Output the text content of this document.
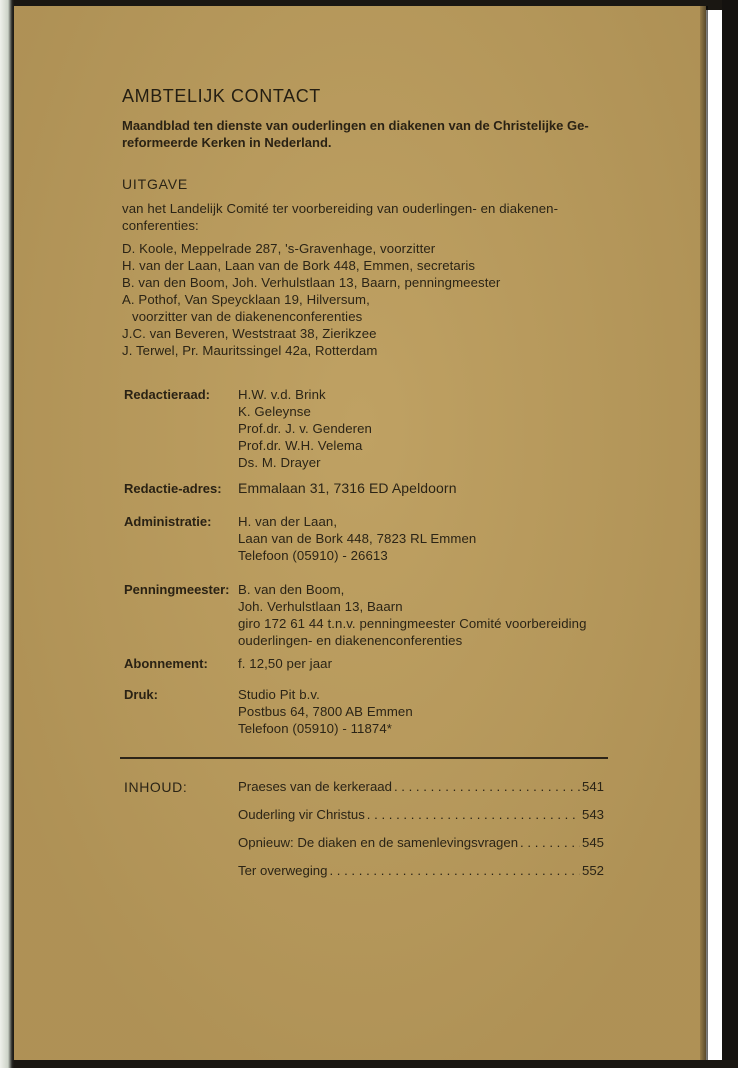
AMBTELIJK CONTACT
Maandblad ten dienste van ouderlingen en diakenen van de Christelijke Ge-
reformeerde Kerken in Nederland.
UITGAVE
van het Landelijk Comité ter voorbereiding van ouderlingen- en diakenen-
conferenties:
D. Koole, Meppelrade 287, 's-Gravenhage, voorzitter
H. van der Laan, Laan van de Bork 448, Emmen, secretaris
B. van den Boom, Joh. Verhulstlaan 13, Baarn, penningmeester
A. Pothof, Van Speycklaan 19, Hilversum,
voorzitter van de diakenenconferenties
J.C. van Beveren, Weststraat 38, Zierikzee
J. Terwel, Pr. Mauritssingel 42a, Rotterdam
Redactieraad: H.W. v.d. Brink
K. Geleynse
Prof.dr. J. v. Genderen
Prof.dr. W.H. Velema
Ds. M. Drayer
Redactie-adres: Emmalaan 31, 7316 ED Apeldoorn
Administratie: H. van der Laan,
Laan van de Bork 448, 7823 RL Emmen
Telefoon (05910) - 26613
Penningmeester: B. van den Boom,
Joh. Verhulstlaan 13, Baarn
giro 172 61 44 t.n.v. penningmeester Comité voorbereiding
ouderlingen- en diakenenconferenties
Abonnement: f. 12,50 per jaar
Druk:	Studio Pit b.v.
Postbus 64, 7800 AB Emmen
Telefoon (05910) - 11874*
INHOUD:	Praeses van de kerkeraad . . .	541
Ouderling vir Christus . . .	543
Opnieuw: De diaken en de samenlevingsvragen . . .	545
Ter overweging . . .	552
